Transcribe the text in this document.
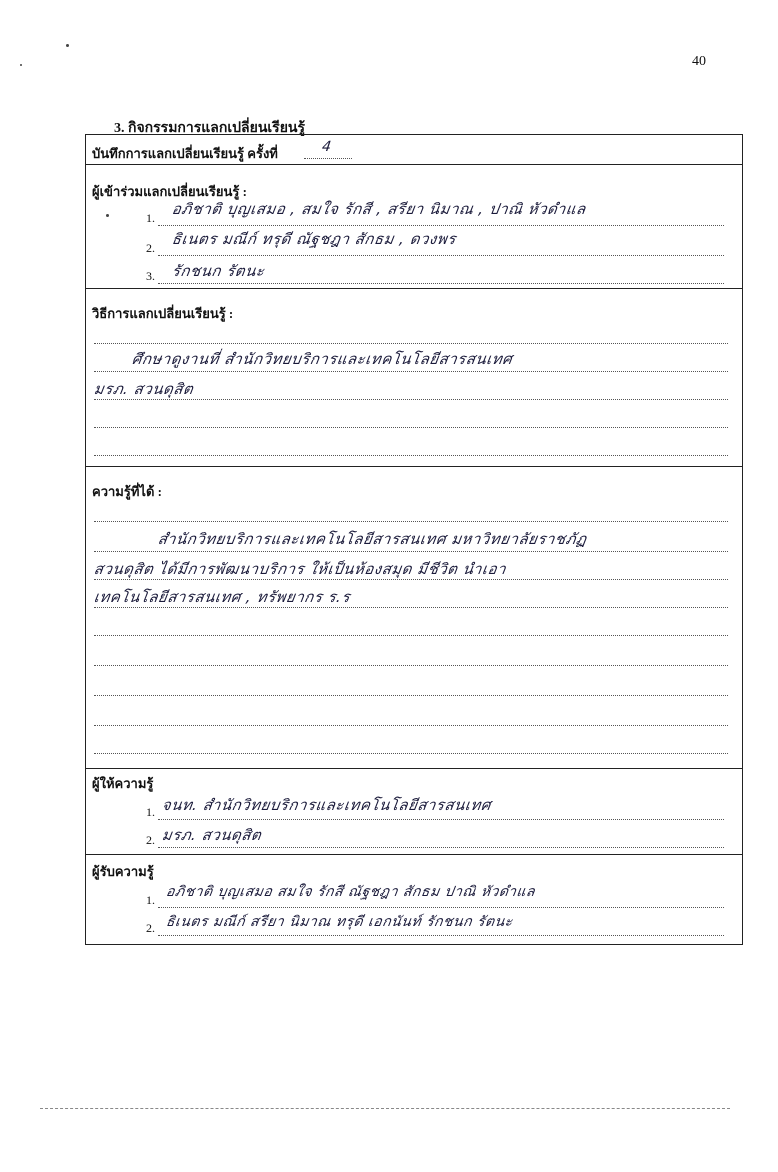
40
3. กิจกรรมการแลกเปลี่ยนเรียนรู้
บันทึกการแลกเปลี่ยนเรียนรู้ ครั้งที่	4
ผู้เข้าร่วมแลกเปลี่ยนเรียนรู้ :
1. อภิชาติ บุญเสมอ , สมใจ รักสี , สรียา นิมาณ , ปาณิ หัวดำแล
2. ธิเนตร มณีก์ ทรุดี ณัฐชฎา สักธม , ดวงพร
3. รักชนก รัตนะ
วิธีการแลกเปลี่ยนเรียนรู้ :
ศึกษาดูงานที่ สำนักวิทยบริการและเทคโนโลยีสารสนเทศ
มรภ. สวนดุสิต
ความรู้ที่ได้ :
สำนักวิทยบริการและเทคโนโลยีสารสนเทศ มหาวิทยาลัยราชภัฏ
สวนดุสิต ได้มีการพัฒนาบริการ ให้เป็นห้องสมุด มีชีวิต นำเอา
เทคโนโลยีสารสนเทศ , ทรัพยากร ร.ร
ผู้ให้ความรู้
1. จนท. สำนักวิทยบริการและเทคโนโลยีสารสนเทศ
2. มรภ. สวนดุสิต
ผู้รับความรู้
1. อภิชาติ บุญเสมอ สมใจ รักสี ณัฐชฎา สักธม ปาณิ หัวดำแล
2. ธิเนตร มณีก์ สรียา นิมาณ ทรุดี เอกนันท์ รักชนก รัตนะ
